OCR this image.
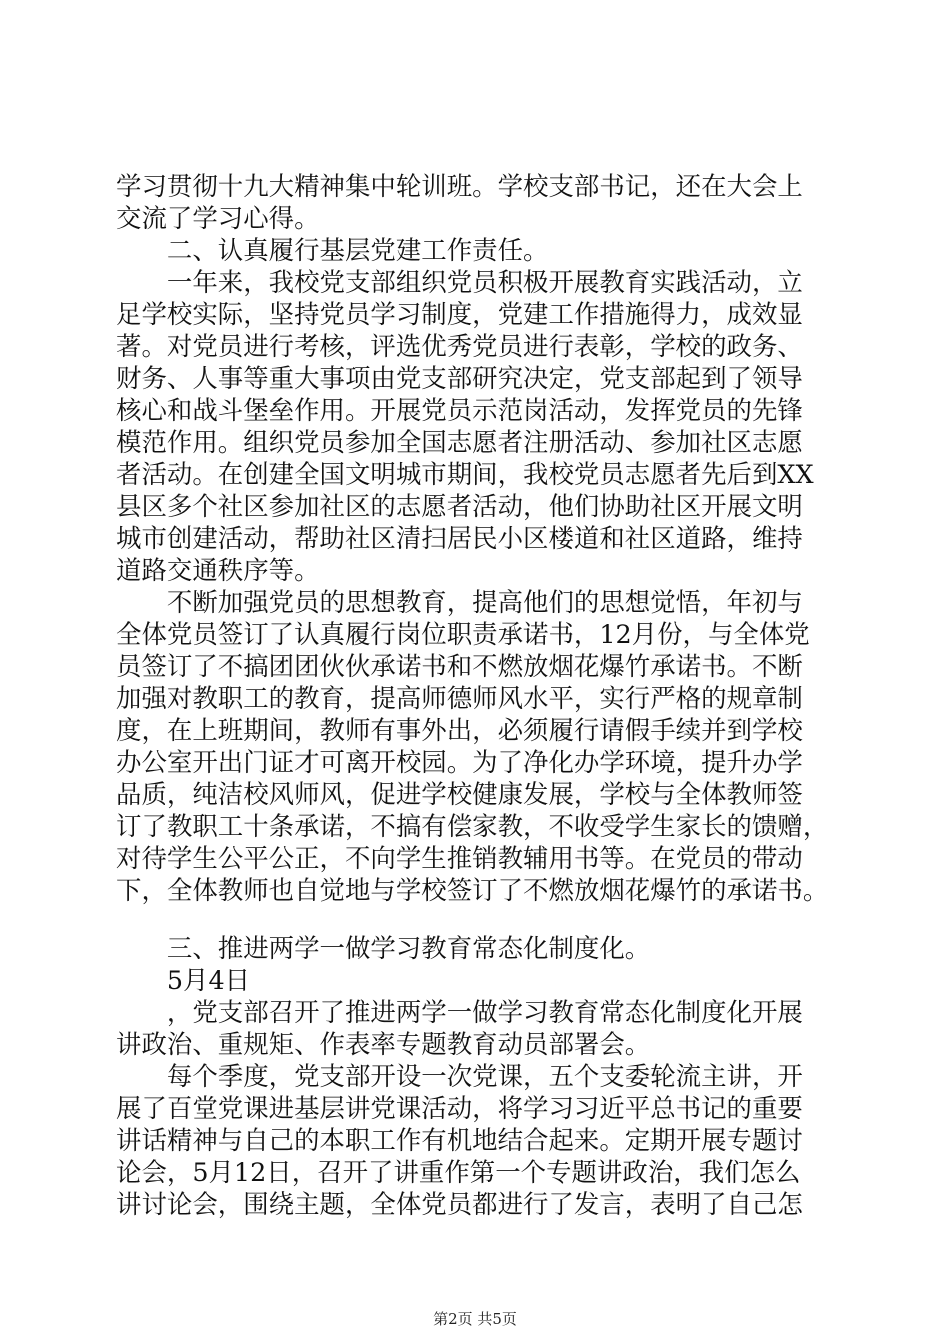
学习贯彻十九大精神集中轮训班。学校支部书记，还在大会上
交流了学习心得。
　　二、认真履行基层党建工作责任。
　　一年来，我校党支部组织党员积极开展教育实践活动，立
足学校实际，坚持党员学习制度，党建工作措施得力，成效显
著。对党员进行考核，评选优秀党员进行表彰，学校的政务、
财务、人事等重大事项由党支部研究决定，党支部起到了领导
核心和战斗堡垒作用。开展党员示范岗活动，发挥党员的先锋
模范作用。组织党员参加全国志愿者注册活动、参加社区志愿
者活动。在创建全国文明城市期间，我校党员志愿者先后到XX
县区多个社区参加社区的志愿者活动，他们协助社区开展文明
城市创建活动，帮助社区清扫居民小区楼道和社区道路，维持
道路交通秩序等。
　　不断加强党员的思想教育，提高他们的思想觉悟，年初与
全体党员签订了认真履行岗位职责承诺书，12月份，与全体党
员签订了不搞团团伙伙承诺书和不燃放烟花爆竹承诺书。不断
加强对教职工的教育，提高师德师风水平，实行严格的规章制
度，在上班期间，教师有事外出，必须履行请假手续并到学校
办公室开出门证才可离开校园。为了净化办学环境，提升办学
品质，纯洁校风师风，促进学校健康发展，学校与全体教师签
订了教职工十条承诺，不搞有偿家教，不收受学生家长的馈赠，
对待学生公平公正，不向学生推销教辅用书等。在党员的带动
下，全体教师也自觉地与学校签订了不燃放烟花爆竹的承诺书。
　　三、推进两学一做学习教育常态化制度化。
　　5月4日
　　，党支部召开了推进两学一做学习教育常态化制度化开展
讲政治、重规矩、作表率专题教育动员部署会。
　　每个季度，党支部开设一次党课，五个支委轮流主讲，开
展了百堂党课进基层讲党课活动，将学习习近平总书记的重要
讲话精神与自己的本职工作有机地结合起来。定期开展专题讨
论会，5月12日，召开了讲重作第一个专题讲政治，我们怎么
讲讨论会，围绕主题，全体党员都进行了发言，表明了自己怎
第2页 共5页
